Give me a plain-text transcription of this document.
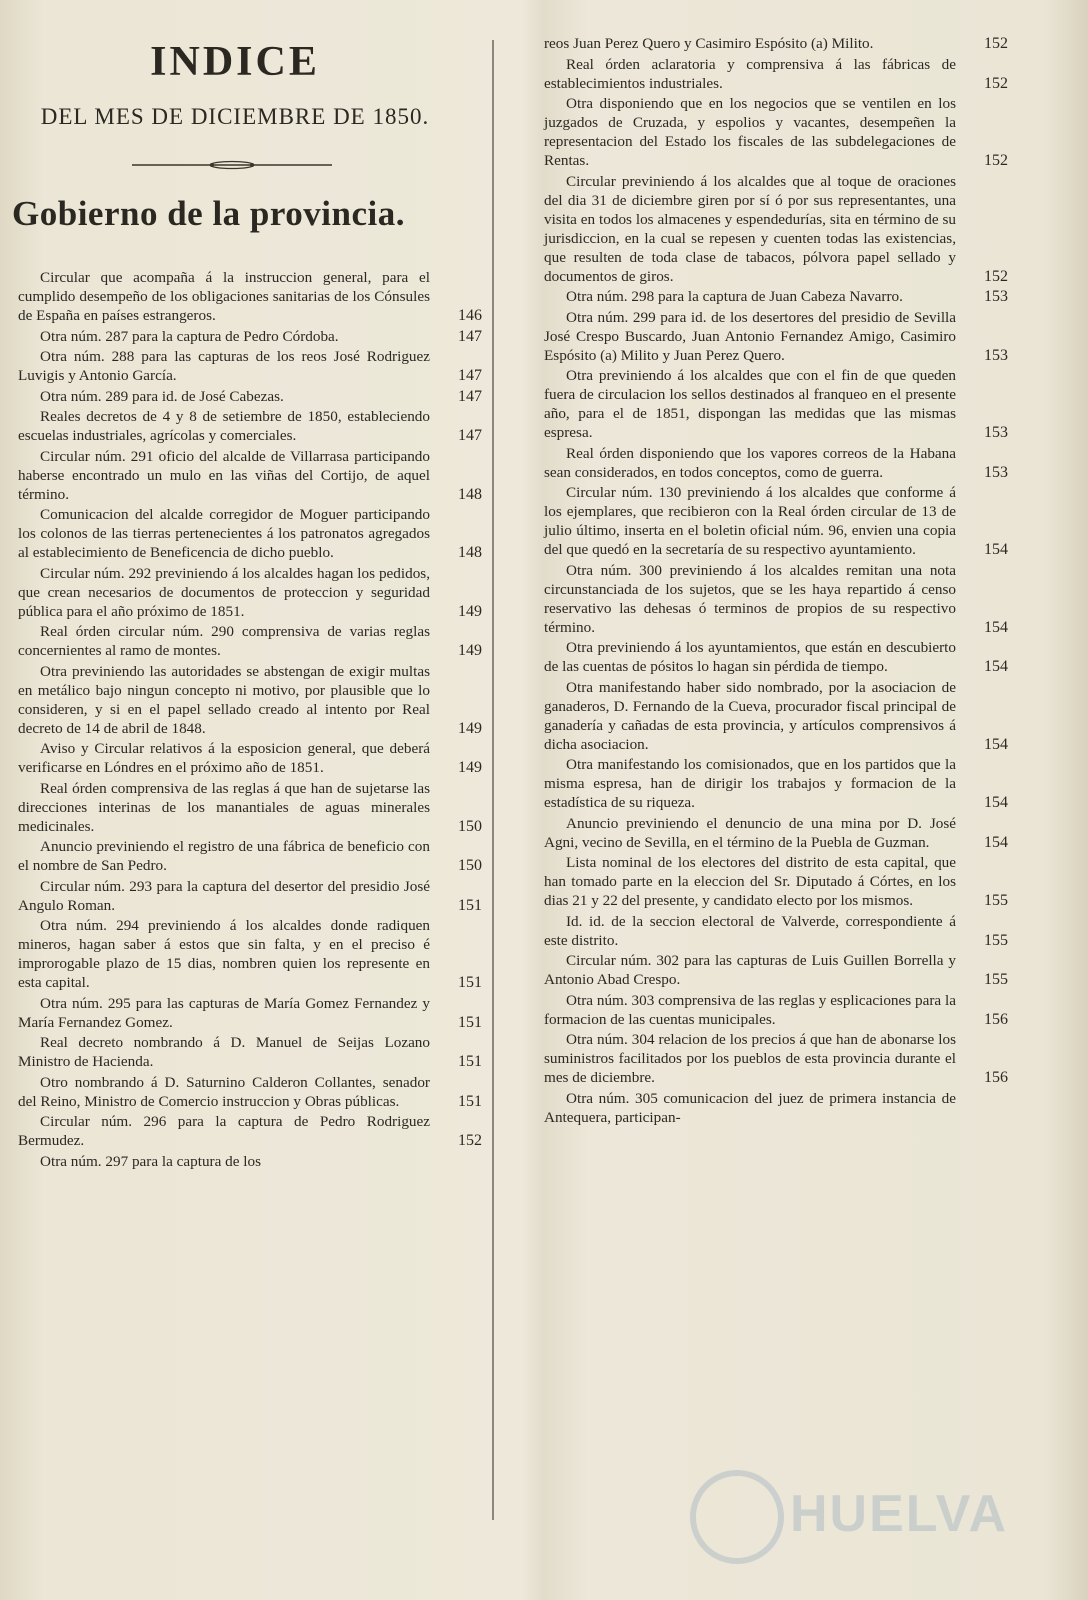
INDICE
DEL MES DE DICIEMBRE DE 1850.
Gobierno de la provincia.
Circular que acompaña á la instruccion general, para el cumplido desempeño de los obligaciones sanitarias de los Cónsules de España en países estrangeros.	146
Otra núm. 287 para la captura de Pedro Córdoba.	147
Otra núm. 288 para las capturas de los reos José Rodriguez Luvigis y Antonio García.	147
Otra núm. 289 para id. de José Cabezas.	147
Reales decretos de 4 y 8 de setiembre de 1850, estableciendo escuelas industriales, agrícolas y comerciales.	147
Circular núm. 291 oficio del alcalde de Villarrasa participando haberse encontrado un mulo en las viñas del Cortijo, de aquel término.	148
Comunicacion del alcalde corregidor de Moguer participando los colonos de las tierras pertenecientes á los patronatos agregados al establecimiento de Beneficencia de dicho pueblo.	148
Circular núm. 292 previniendo á los alcaldes hagan los pedidos, que crean necesarios de documentos de proteccion y seguridad pública para el año próximo de 1851.	149
Real órden circular núm. 290 comprensiva de varias reglas concernientes al ramo de montes.	149
Otra previniendo las autoridades se abstengan de exigir multas en metálico bajo ningun concepto ni motivo, por plausible que lo consideren, y si en el papel sellado creado al intento por Real decreto de 14 de abril de 1848.	149
Aviso y Circular relativos á la esposicion general, que deberá verificarse en Lóndres en el próximo año de 1851.	149
Real órden comprensiva de las reglas á que han de sujetarse las direcciones interinas de los manantiales de aguas minerales medicinales.	150
Anuncio previniendo el registro de una fábrica de beneficio con el nombre de San Pedro.	150
Circular núm. 293 para la captura del desertor del presidio José Angulo Roman.	151
Otra núm. 294 previniendo á los alcaldes donde radiquen mineros, hagan saber á estos que sin falta, y en el preciso é improrogable plazo de 15 dias, nombren quien los represente en esta capital.	151
Otra núm. 295 para las capturas de María Gomez Fernandez y María Fernandez Gomez.	151
Real decreto nombrando á D. Manuel de Seijas Lozano Ministro de Hacienda.	151
Otro nombrando á D. Saturnino Calderon Collantes, senador del Reino, Ministro de Comercio instruccion y Obras públicas.	151
Circular núm. 296 para la captura de Pedro Rodriguez Bermudez.	152
Otra núm. 297 para la captura de los
reos Juan Perez Quero y Casimiro Espósito (a) Milito.	152
Real órden aclaratoria y comprensiva á las fábricas de establecimientos industriales.	152
Otra disponiendo que en los negocios que se ventilen en los juzgados de Cruzada, y espolios y vacantes, desempeñen la representacion del Estado los fiscales de las subdelegaciones de Rentas.	152
Circular previniendo á los alcaldes que al toque de oraciones del dia 31 de diciembre giren por sí ó por sus representantes, una visita en todos los almacenes y espendedurías, sita en término de su jurisdiccion, en la cual se repesen y cuenten todas las existencias, que resulten de toda clase de tabacos, pólvora papel sellado y documentos de giros.	152
Otra núm. 298 para la captura de Juan Cabeza Navarro.	153
Otra núm. 299 para id. de los desertores del presidio de Sevilla José Crespo Buscardo, Juan Antonio Fernandez Amigo, Casimiro Espósito (a) Milito y Juan Perez Quero.	153
Otra previniendo á los alcaldes que con el fin de que queden fuera de circulacion los sellos destinados al franqueo en el presente año, para el de 1851, dispongan las medidas que las mismas espresa.	153
Real órden disponiendo que los vapores correos de la Habana sean considerados, en todos conceptos, como de guerra.	153
Circular núm. 130 previniendo á los alcaldes que conforme á los ejemplares, que recibieron con la Real órden circular de 13 de julio último, inserta en el boletin oficial núm. 96, envien una copia del que quedó en la secretaría de su respectivo ayuntamiento.	154
Otra núm. 300 previniendo á los alcaldes remitan una nota circunstanciada de los sujetos, que se les haya repartido á censo reservativo las dehesas ó terminos de propios de su respectivo término.	154
Otra previniendo á los ayuntamientos, que están en descubierto de las cuentas de pósitos lo hagan sin pérdida de tiempo.	154
Otra manifestando haber sido nombrado, por la asociacion de ganaderos, D. Fernando de la Cueva, procurador fiscal principal de ganadería y cañadas de esta provincia, y artículos comprensivos á dicha asociacion.	154
Otra manifestando los comisionados, que en los partidos que la misma espresa, han de dirigir los trabajos y formacion de la estadística de su riqueza.	154
Anuncio previniendo el denuncio de una mina por D. José Agni, vecino de Sevilla, en el término de la Puebla de Guzman.	154
Lista nominal de los electores del distrito de esta capital, que han tomado parte en la eleccion del Sr. Diputado á Córtes, en los dias 21 y 22 del presente, y candidato electo por los mismos.	155
Id. id. de la seccion electoral de Valverde, correspondiente á este distrito.	155
Circular núm. 302 para las capturas de Luis Guillen Borrella y Antonio Abad Crespo.	155
Otra núm. 303 comprensiva de las reglas y esplicaciones para la formacion de las cuentas municipales.	156
Otra núm. 304 relacion de los precios á que han de abonarse los suministros facilitados por los pueblos de esta provincia durante el mes de diciembre.	156
Otra núm. 305 comunicacion del juez de primera instancia de Antequera, participan-
HUELVA
